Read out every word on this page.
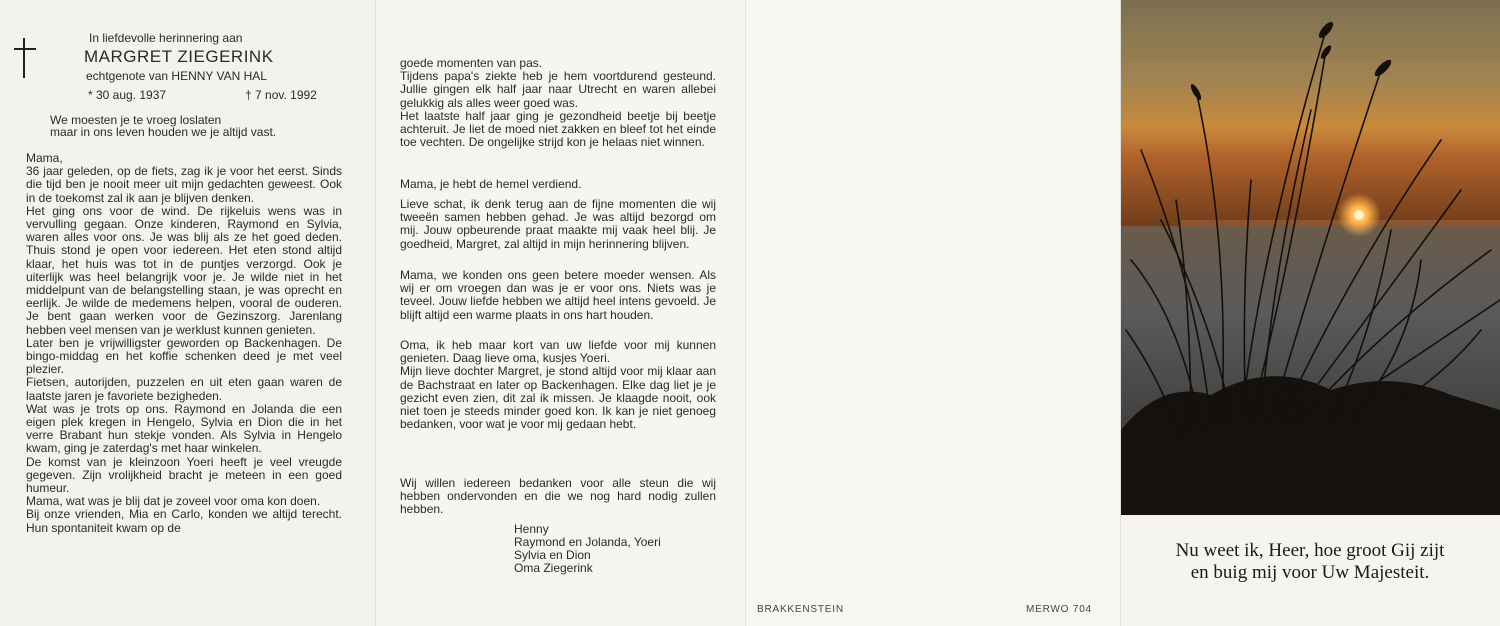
In liefdevolle herinnering aan
MARGRET ZIEGERINK
echtgenote van HENNY VAN HAL
* 30 aug. 1937	† 7 nov. 1992
We moesten je te vroeg loslaten
maar in ons leven houden we je altijd vast.
Mama,
36 jaar geleden, op de fiets, zag ik je voor het eerst. Sinds die tijd ben je nooit meer uit mijn gedachten geweest. Ook in de toekomst zal ik aan je blijven denken.
Het ging ons voor de wind. De rijkeluis wens was in vervulling gegaan. Onze kinderen, Raymond en Sylvia, waren alles voor ons. Je was blij als ze het goed deden. Thuis stond je open voor iedereen. Het eten stond altijd klaar, het huis was tot in de puntjes verzorgd. Ook je uiterlijk was heel belangrijk voor je. Je wilde niet in het middelpunt van de belangstelling staan, je was oprecht en eerlijk. Je wilde de medemens helpen, vooral de ouderen. Je bent gaan werken voor de Gezinszorg. Jarenlang hebben veel mensen van je werklust kunnen genieten.
Later ben je vrijwilligster geworden op Backenhagen. De bingo-middag en het koffie schenken deed je met veel plezier.
Fietsen, autorijden, puzzelen en uit eten gaan waren de laatste jaren je favoriete bezigheden.
Wat was je trots op ons. Raymond en Jolanda die een eigen plek kregen in Hengelo, Sylvia en Dion die in het verre Brabant hun stekje vonden. Als Sylvia in Hengelo kwam, ging je zaterdag's met haar winkelen.
De komst van je kleinzoon Yoeri heeft je veel vreugde gegeven. Zijn vrolijkheid bracht je meteen in een goed humeur.
Mama, wat was je blij dat je zoveel voor oma kon doen.
Bij onze vrienden, Mia en Carlo, konden we altijd terecht. Hun spontaniteit kwam op de
goede momenten van pas.
Tijdens papa's ziekte heb je hem voortdurend gesteund. Jullie gingen elk half jaar naar Utrecht en waren allebei gelukkig als alles weer goed was.
Het laatste half jaar ging je gezondheid beetje bij beetje achteruit. Je liet de moed niet zakken en bleef tot het einde toe vechten. De ongelijke strijd kon je helaas niet winnen.
Mama, je hebt de hemel verdiend.
Lieve schat, ik denk terug aan de fijne momenten die wij tweeën samen hebben gehad. Je was altijd bezorgd om mij. Jouw opbeurende praat maakte mij vaak heel blij. Je goedheid, Margret, zal altijd in mijn herinnering blijven.
Mama, we konden ons geen betere moeder wensen. Als wij er om vroegen dan was je er voor ons. Niets was je teveel. Jouw liefde hebben we altijd heel intens gevoeld. Je blijft altijd een warme plaats in ons hart houden.
Oma, ik heb maar kort van uw liefde voor mij kunnen genieten. Daag lieve oma, kusjes Yoeri.
Mijn lieve dochter Margret, je stond altijd voor mij klaar aan de Bachstraat en later op Backenhagen. Elke dag liet je je gezicht even zien, dit zal ik missen. Je klaagde nooit, ook niet toen je steeds minder goed kon. Ik kan je niet genoeg bedanken, voor wat je voor mij gedaan hebt.
Wij willen iedereen bedanken voor alle steun die wij hebben ondervonden en die we nog hard nodig zullen hebben.
Henny
Raymond en Jolanda, Yoeri
Sylvia en Dion
Oma Ziegerink
BRAKKENSTEIN	MERWO 704
Nu weet ik, Heer, hoe groot Gij zijt
en buig mij voor Uw Majesteit.
